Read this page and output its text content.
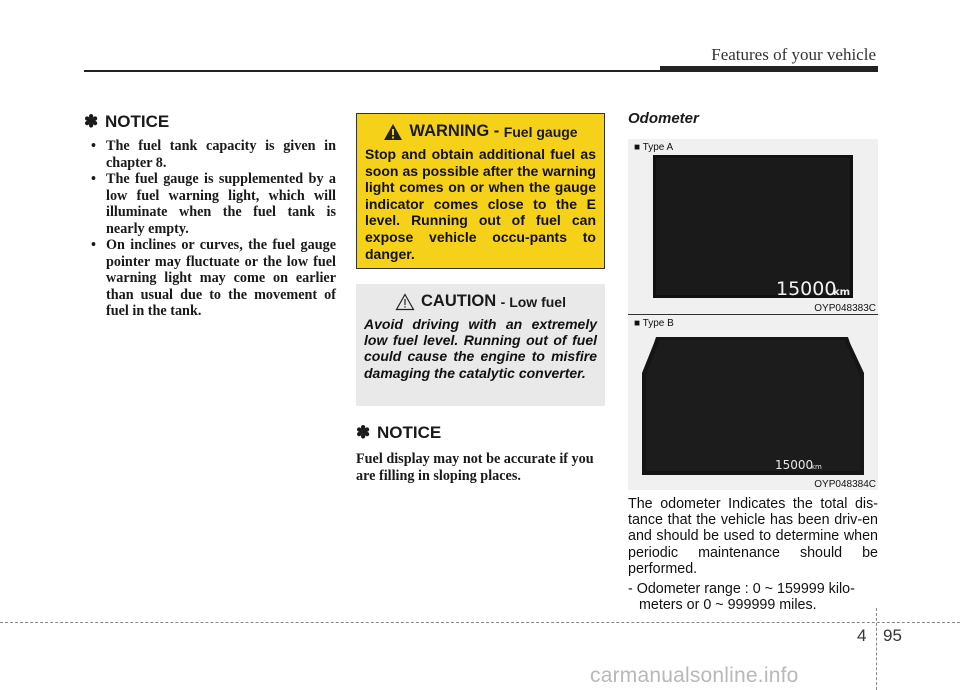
Features of your vehicle
✽ NOTICE
• The fuel tank capacity is given in chapter 8.
• The fuel gauge is supplemented by a low fuel warning light, which will illuminate when the fuel tank is nearly empty.
• On inclines or curves, the fuel gauge pointer may fluctuate or the low fuel warning light may come on earlier than usual due to the movement of fuel in the tank.
WARNING -
Fuel gauge
Stop and obtain additional fuel as soon as possible after the warning light comes on or when the gauge indicator comes close to the E level. Running out of fuel can expose vehicle occu-pants to danger.
CAUTION
- Low fuel
Avoid driving with an extremely low fuel level. Running out of fuel could cause the engine to misfire damaging the catalytic converter.
✽ NOTICE
Fuel display may not be accurate if you are filling in sloping places.
Odometer
■ Type A
15000
km
OYP048383C
■ Type B
15000
km
OYP048384C
The odometer Indicates the total dis-tance that the vehicle has been driv-en and should be used to determine when periodic maintenance should be performed.
- Odometer range : 0 ~ 159999 kilo-
meters or 0 ~ 999999 miles.
4 95
carmanualsonline.info
